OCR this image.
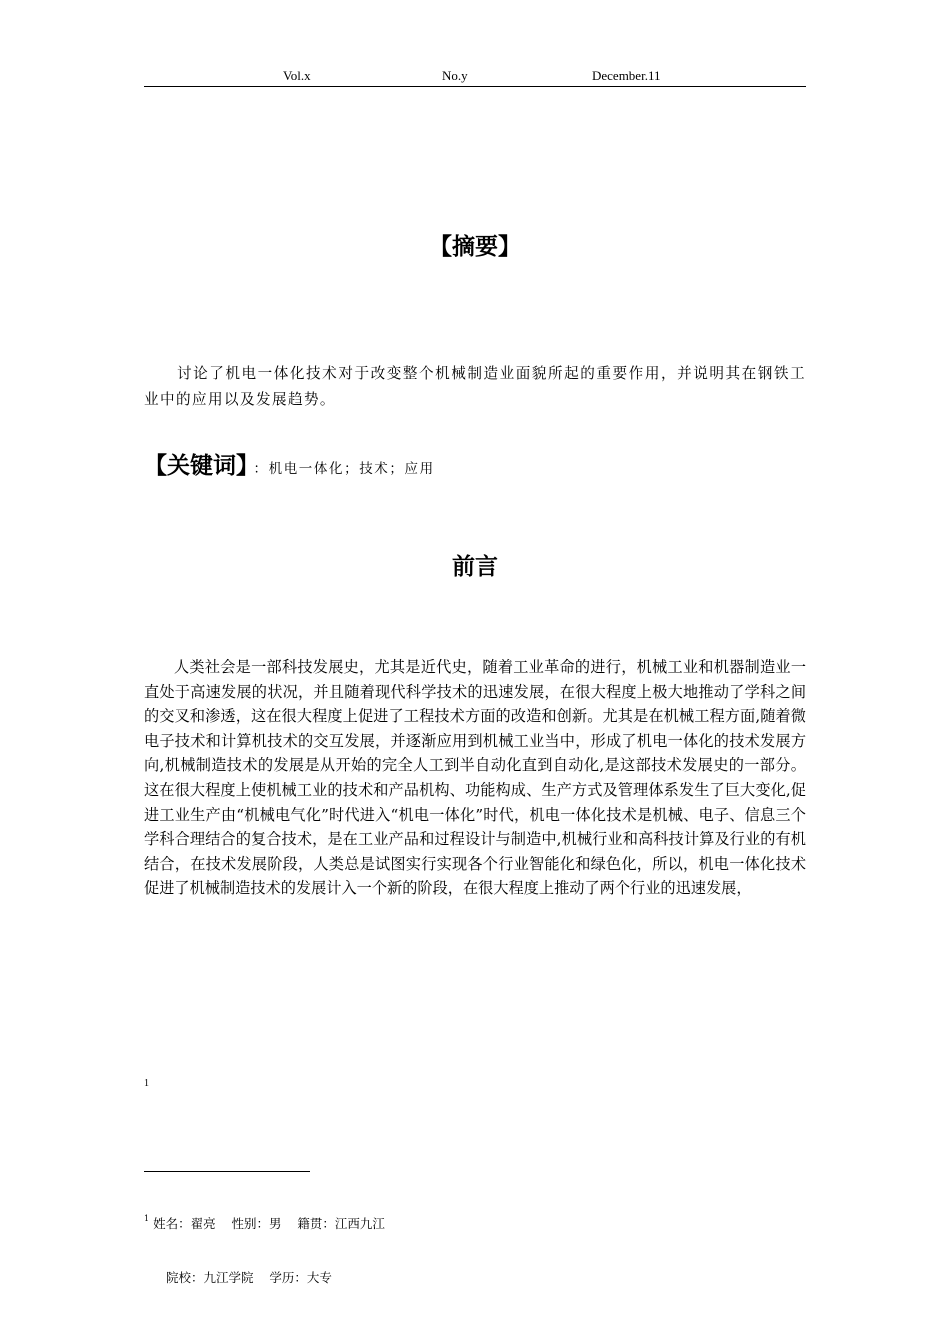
Vol.x	No.y	December.11
【摘要】
讨论了机电一体化技术对于改变整个机械制造业面貌所起的重要作用，并说明其在钢铁工业中的应用以及发展趋势。
【关键词】 ：机电一体化；技术；应用
前言
人类社会是一部科技发展史，尤其是近代史，随着工业革命的进行，机械工业和机器制造业一直处于高速发展的状况，并且随着现代科学技术的迅速发展，在很大程度上极大地推动了学科之间的交叉和渗透，这在很大程度上促进了工程技术方面的改造和创新。尤其是在机械工程方面,随着微电子技术和计算机技术的交互发展，并逐渐应用到机械工业当中，形成了机电一体化的技术发展方向,机械制造技术的发展是从开始的完全人工到半自动化直到自动化,是这部技术发展史的一部分。这在很大程度上使机械工业的技术和产品机构、功能构成、生产方式及管理体系发生了巨大变化,促进工业生产由“机械电气化”时代进入“机电一体化”时代，机电一体化技术是机械、电子、信息三个学科合理结合的复合技术，是在工业产品和过程设计与制造中,机械行业和高科技计算及行业的有机结合，在技术发展阶段，人类总是试图实行实现各个行业智能化和绿色化，所以，机电一体化技术促进了机械制造技术的发展计入一个新的阶段，在很大程度上推动了两个行业的迅速发展，
1

$^1$ 姓名：翟亮    性别：男    籍贯：江西九江

院校：九江学院    学历：大专
